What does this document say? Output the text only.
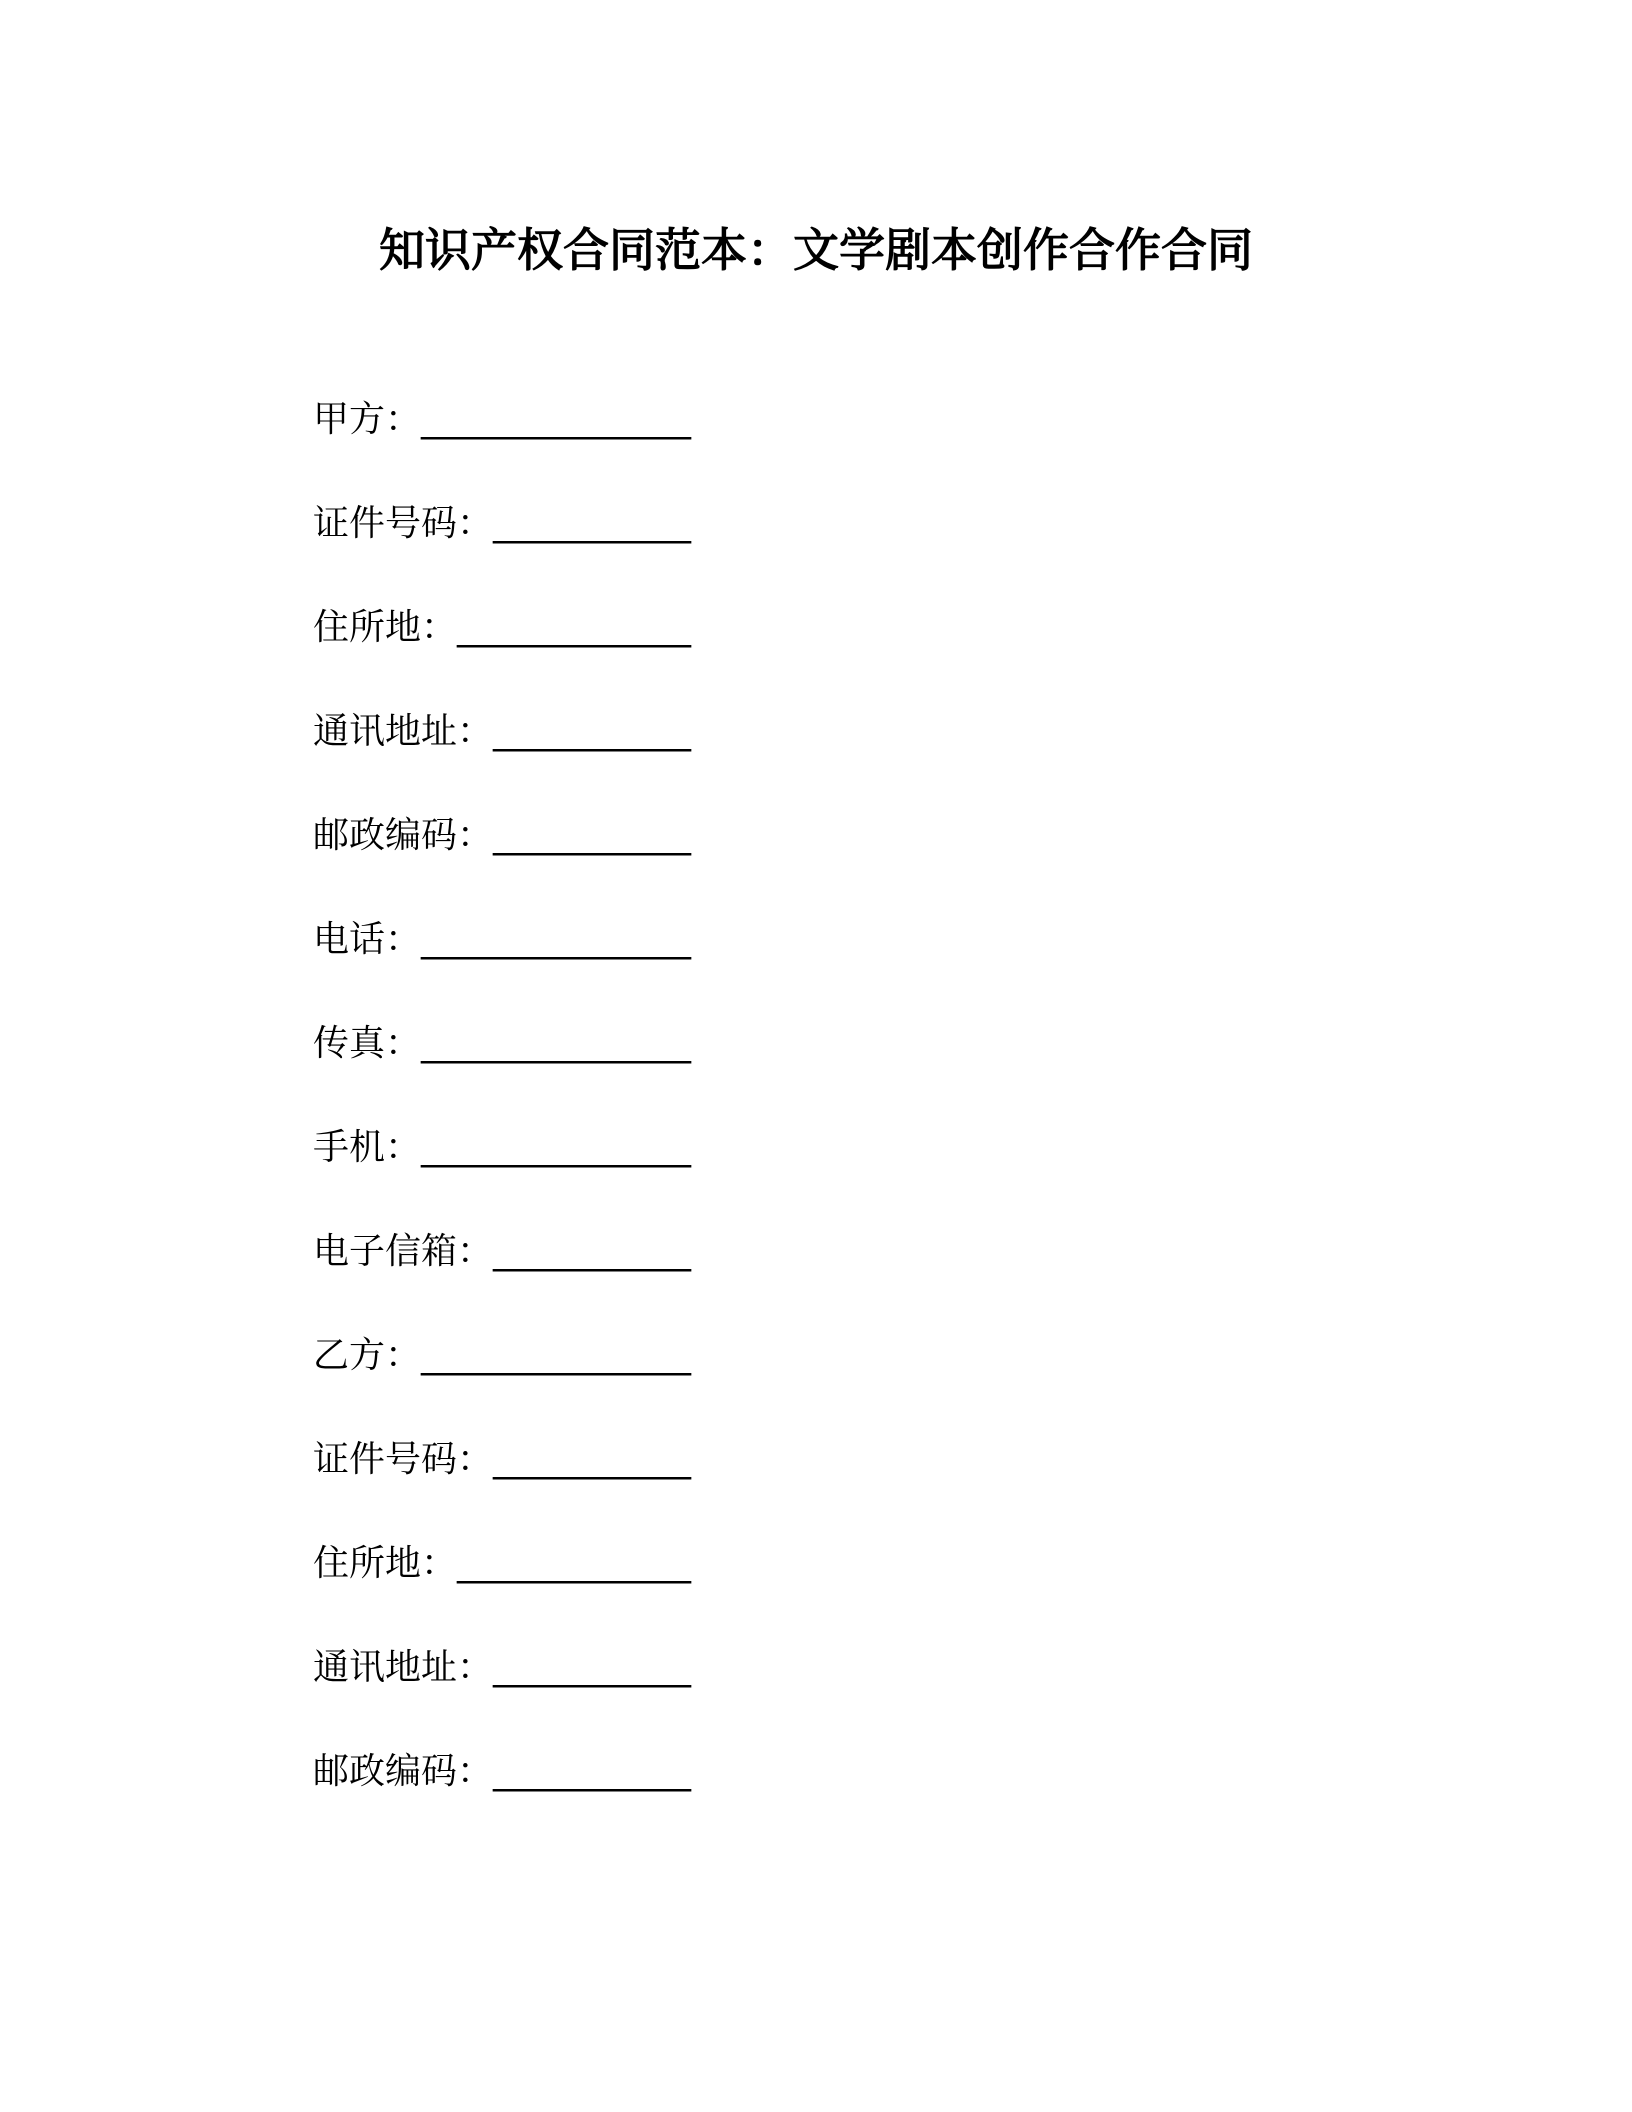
知识产权合同范本：文学剧本创作合作合同
甲方：_______________
证件号码：___________
住所地：_____________
通讯地址：___________
邮政编码：___________
电话：_______________
传真：_______________
手机：_______________
电子信箱：___________
乙方：_______________
证件号码：___________
住所地：_____________
通讯地址：___________
邮政编码：___________
